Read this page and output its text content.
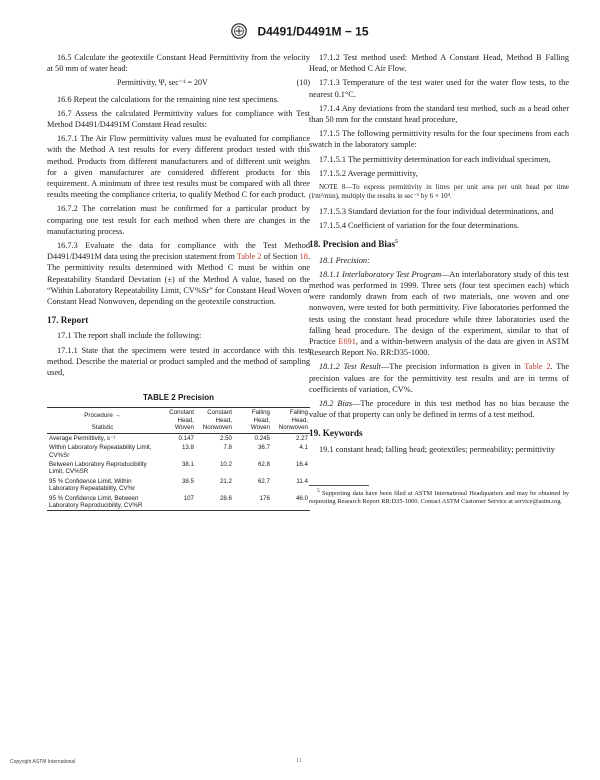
D4491/D4491M − 15

16.5 Calculate the geotextile Constant Head Permittivity from the velocity at 50 mm of water head:

Permittivity, Ψ, sec⁻¹ = 20V	(10)

16.6 Repeat the calculations for the remaining nine test specimens.

16.7 Assess the calculated Permittivity values for compliance with Test Method D4491/D4491M Constant Head results:

16.7.1 The Air Flow permittivity values must be evaluated for compliance with the Method A test results for every different product tested with this method. Products from different manufacturers and of different unit weights for a given manufacturer are considered different products for this requirement. A minimum of three test results must be compared with all three results meeting the compliance criteria, to qualify Method C for each product.

16.7.2 The correlation must be confirmed for a particular product by comparing one test result for each method when there are changes in the manufacturing process.

16.7.3 Evaluate the data for compliance with the Test Method D4491/D4491M data using the precision statement from Table 2 of Section 18. The permittivity results determined with Method C must be within one Repeatability Standard Deviation (±) of the Method A value, based on the “Within Laboratory Repeatability Limit, CV%Sr” for Constant Head Woven or Constant Head Nonwoven, depending on the geotextile construction.

17. Report

17.1 The report shall include the following:

17.1.1 State that the specimens were tested in accordance with this test method. Describe the material or product sampled and the method of sampling used,

TABLE 2 Precision
Procedure →
Statistic	Constant Head, Woven	Constant Head, Nonwoven	Falling Head, Woven	Falling Head, Nonwoven
Average Permittivity, s⁻¹	0.147	2.50	0.245	2.27
Within Laboratory Repeatability Limit, CV%Sr	13.8	7.8	36.7	4.1
Between Laboratory Reproducibility Limit, CV%SR	38.1	10.2	62.8	16.4
95 % Confidence Limit, Within Laboratory Repeatability, CV%r	38.5	21.2	62.7	11.4
95 % Confidence Limit, Between Laboratory Reproducibility, CV%R	107	28.6	176	46.0

17.1.2 Test method used: Method A Constant Head, Method B Falling Head, or Method C Air Flow.

17.1.3 Temperature of the test water used for the water flow tests, to the nearest 0.1°C.

17.1.4 Any deviations from the standard test method, such as a head other than 50 mm for the constant head procedure,

17.1.5 The following permittivity results for the four specimens from each swatch in the laboratory sample:

17.1.5.1 The permittivity determination for each individual specimen,

17.1.5.2 Average permittivity,

NOTE 8—To express permittivity in litres per unit area per unit head per time (l/m²/min), multiply the results in sec⁻¹ by 6 × 10⁴.

17.1.5.3 Standard deviation for the four individual determinations, and

17.1.5.4 Coefficient of variation for the four determinations.

18. Precision and Bias$^5$

18.1 Precision:

18.1.1 Interlaboratory Test Program—An interlaboratory study of this test method was performed in 1999. Three sets (four test specimen each) which were randomly drawn from each of two materials, one woven and one nonwoven, were tested for both permittivity. Five laboratories performed the tests using the constant head procedure while three laboratories used the falling head procedure. The design of the experiment, similar to that of Practice E691, and a within-between analysis of the data are given in ASTM Research Report No. RR:D35-1000.

18.1.2 Test Result—The precision information is given in Table 2. The precision values are for the permittivity test results and are in terms of coefficients of variation, CV%.

18.2 Bias—The procedure in this test method has no bias because the value of that property can only be defined in terms of a test method.

19. Keywords

19.1 constant head; falling head; geotextiles; permeability; permittivity

$^5$ Supporting data have been filed at ASTM International Headquarters and may be obtained by requesting Research Report RR:D35-1000. Contact ASTM Customer Service at service@astm.org.
Copyright ASTM International	11
